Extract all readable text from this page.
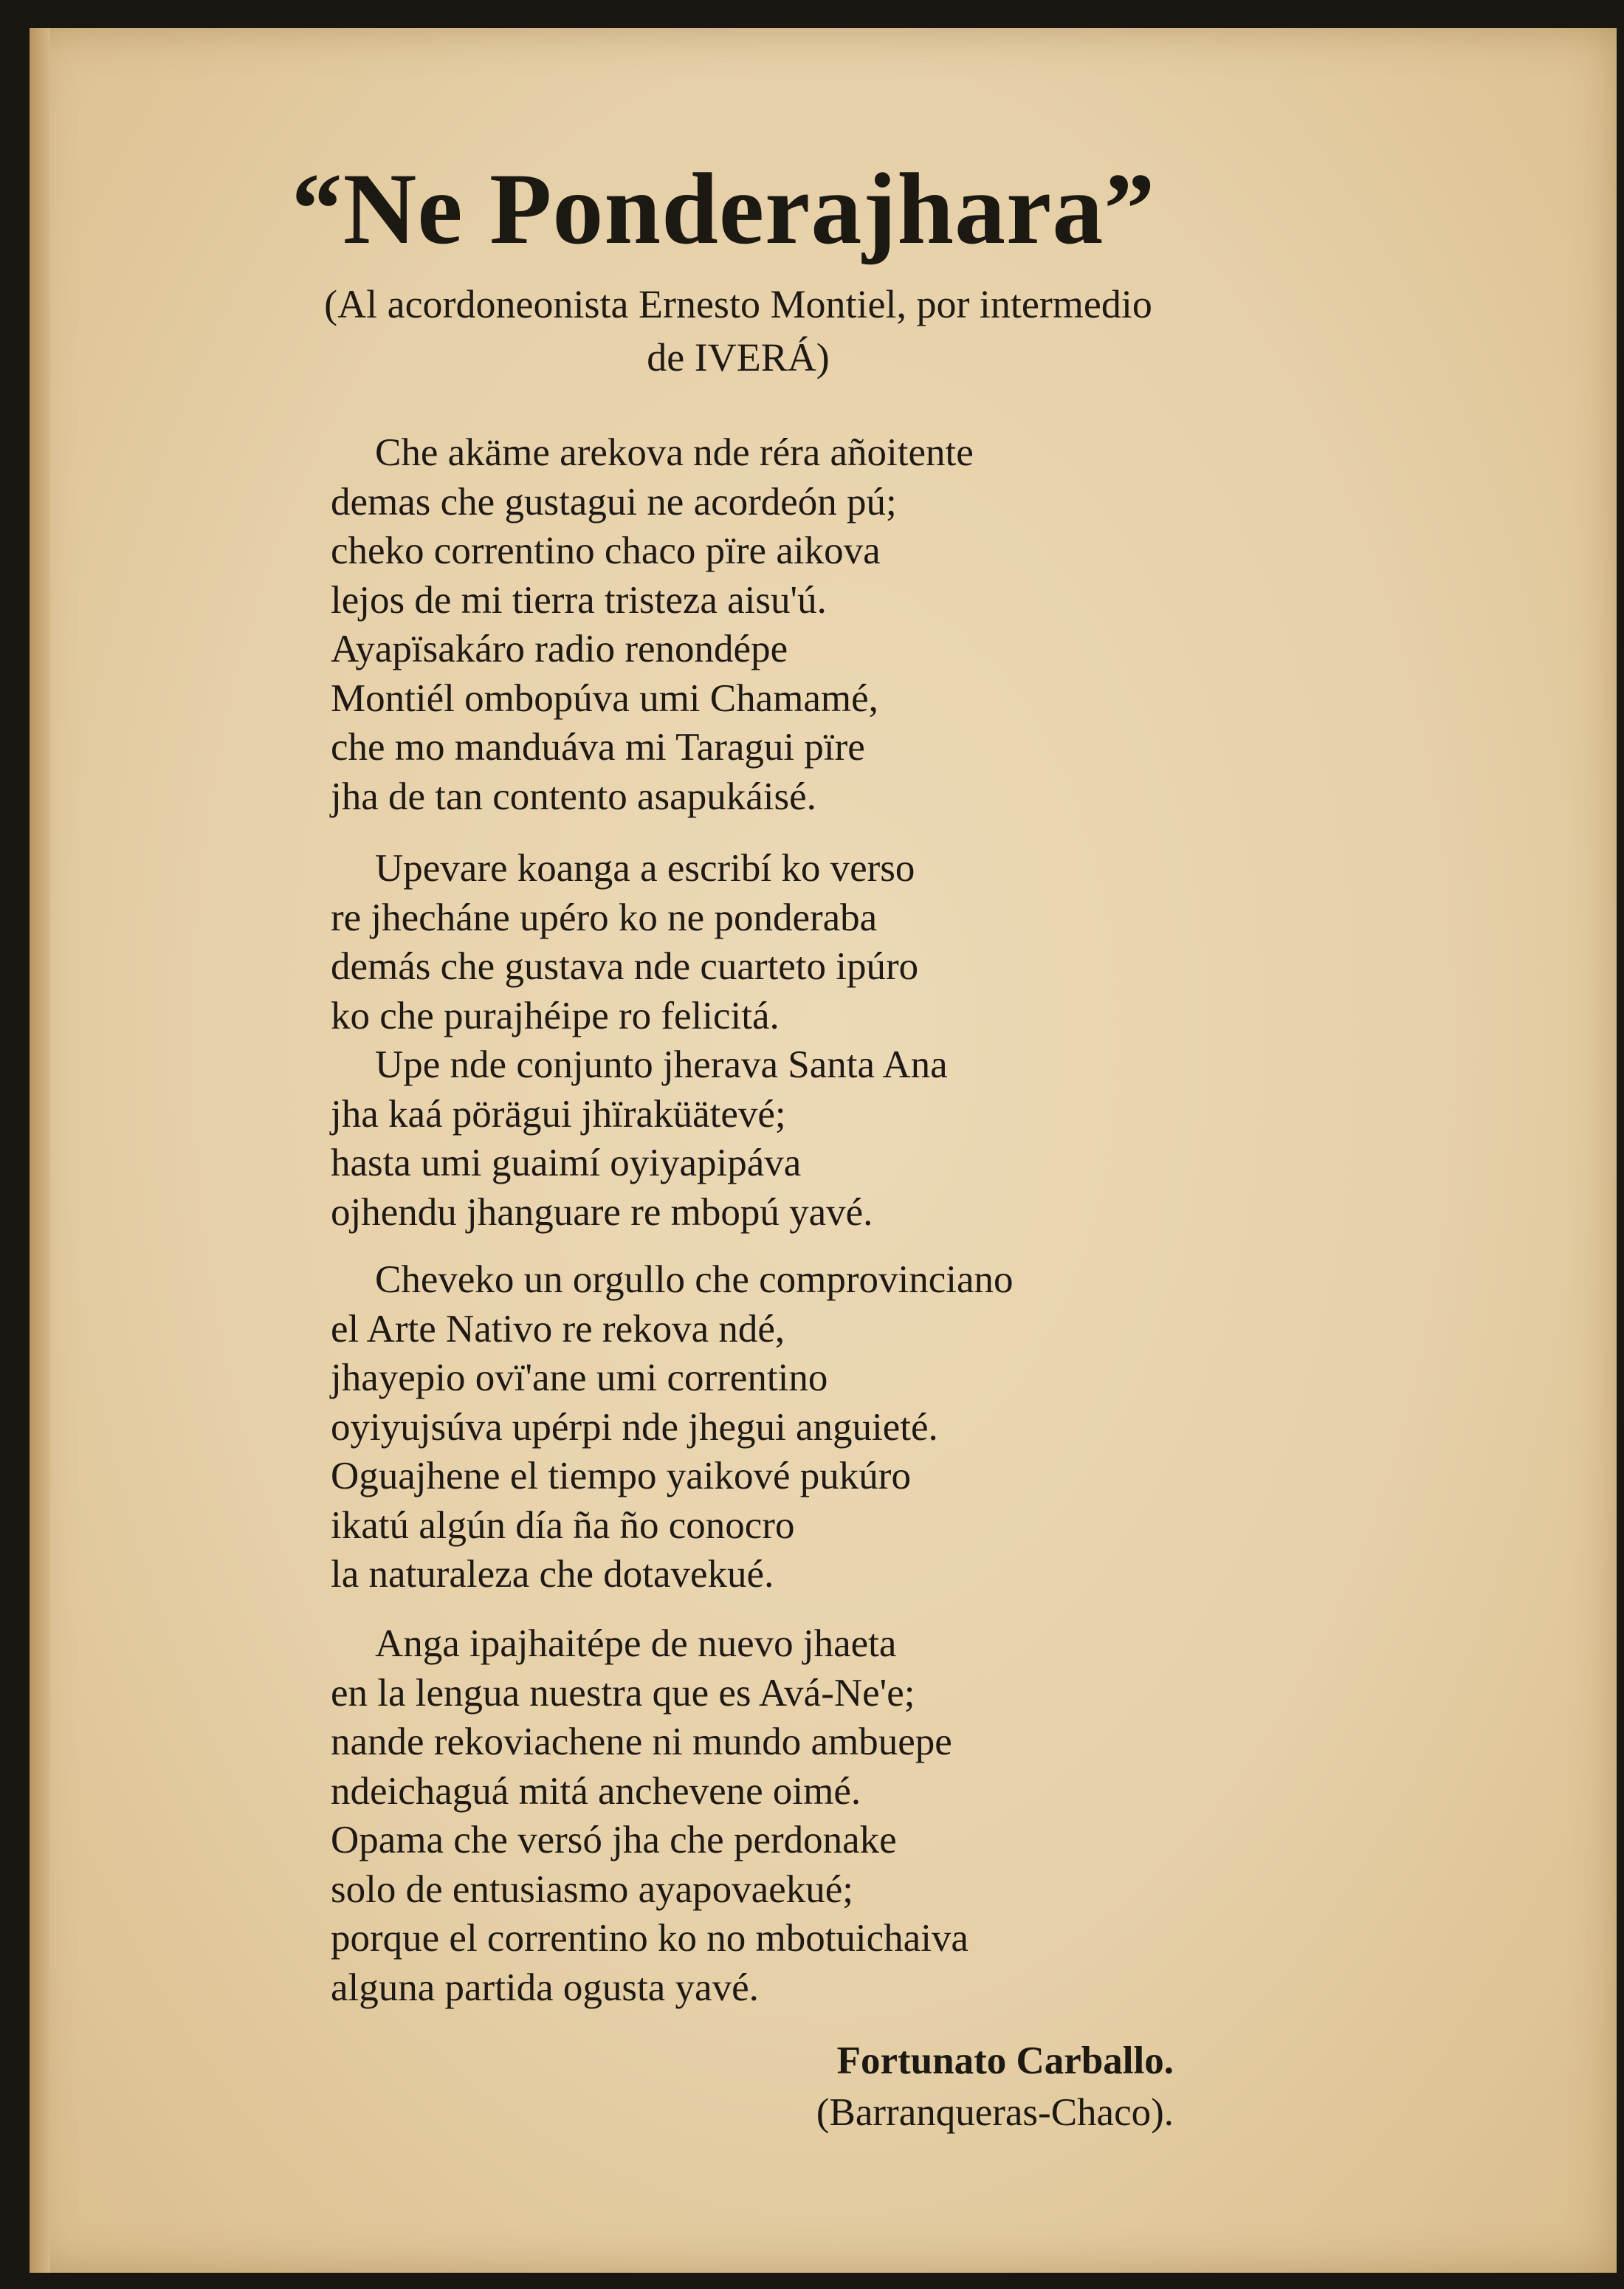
“Ne Ponderajhara”
(Al acordoneonista Ernesto Montiel, por intermedio
de IVERÁ)
Che akäme arekova nde réra añoitente
demas che gustagui ne acordeón pú;
cheko correntino chaco pïre aikova
lejos de mi tierra tristeza aisu'ú.
Ayapïsakáro radio renondépe
Montiél ombopúva umi Chamamé,
che mo manduáva mi Taragui pïre
jha de tan contento asapukáisé.
Upevare koanga a escribí ko verso
re jhecháne upéro ko ne ponderaba
demás che gustava nde cuarteto ipúro
ko che purajhéipe ro felicitá.
Upe nde conjunto jherava Santa Ana
jha kaá pörägui jhïraküätevé;
hasta umi guaimí oyiyapipáva
ojhendu jhanguare re mbopú yavé.
Cheveko un orgullo che comprovinciano
el Arte Nativo re rekova ndé,
jhayepio ovï'ane umi correntino
oyiyujsúva upérpi nde jhegui anguieté.
Oguajhene el tiempo yaikové pukúro
ikatú algún día ña ño conocro
la naturaleza che dotavekué.
Anga ipajhaitépe de nuevo jhaeta
en la lengua nuestra que es Avá-Ne'e;
nande rekoviachene ni mundo ambuepe
ndeichaguá mitá anchevene oimé.
Opama che versó jha che perdonake
solo de entusiasmo ayapovaekué;
porque el correntino ko no mbotuichaiva
alguna partida ogusta yavé.
Fortunato Carballo.
(Barranqueras-Chaco).
